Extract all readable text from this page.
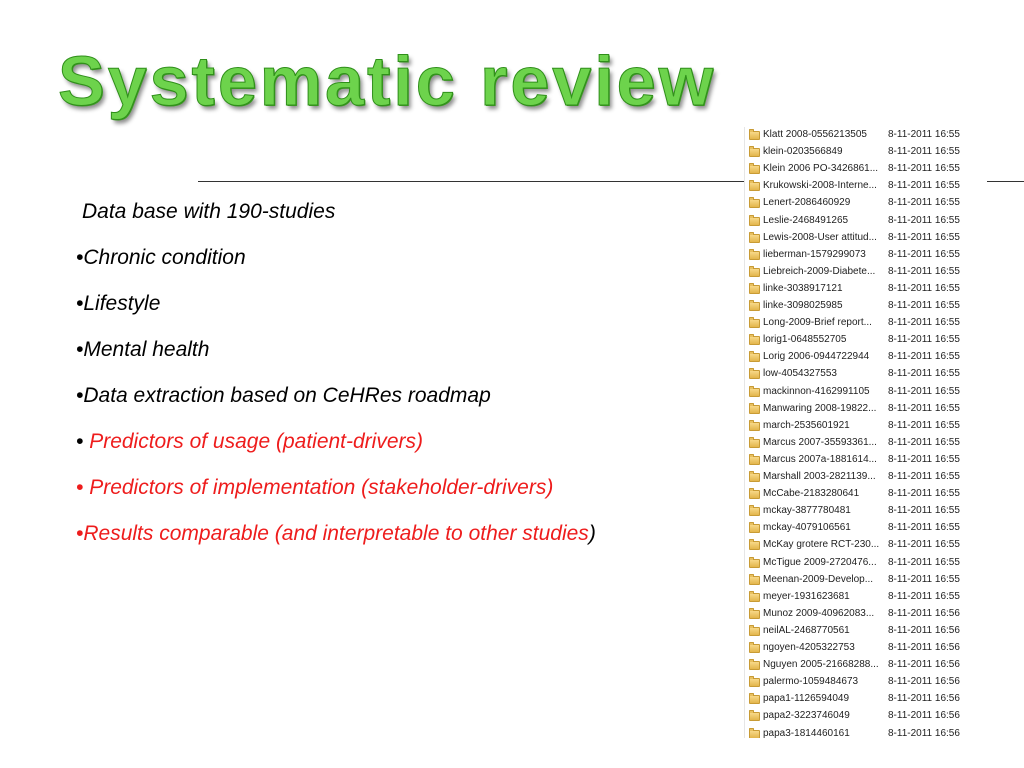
Systematic review
Data base with 190-studies
•Chronic condition
•Lifestyle
•Mental health
•Data extraction based on CeHRes roadmap
• Predictors of usage (patient-drivers)
• Predictors of implementation (stakeholder-drivers)
•Results comparable (and interpretable to other studies)
Klatt 2008-0556213505	8-11-2011 16:55
klein-0203566849	8-11-2011 16:55
Klein 2006 PO-3426861... 8-11-2011 16:55
Krukowski-2008-Interne...	8-11-2011 16:55
Lenert-2086460929	8-11-2011 16:55
Leslie-2468491265	8-11-2011 16:55
Lewis-2008-User attitud...	8-11-2011 16:55
lieberman-1579299073	8-11-2011 16:55
Liebreich-2009-Diabete...	8-11-2011 16:55
linke-3038917121	8-11-2011 16:55
linke-3098025985	8-11-2011 16:55
Long-2009-Brief report...	8-11-2011 16:55
lorig1-0648552705	8-11-2011 16:55
Lorig 2006-0944722944	8-11-2011 16:55
low-4054327553	8-11-2011 16:55
mackinnon-4162991105	8-11-2011 16:55
Manwaring 2008-19822...	8-11-2011 16:55
march-2535601921	8-11-2011 16:55
Marcus 2007-35593361...	8-11-2011 16:55
Marcus 2007a-1881614...	8-11-2011 16:55
Marshall 2003-2821139...	8-11-2011 16:55
McCabe-2183280641	8-11-2011 16:55
mckay-3877780481	8-11-2011 16:55
mckay-4079106561	8-11-2011 16:55
McKay grotere RCT-230... 8-11-2011 16:55
McTigue 2009-2720476...	8-11-2011 16:55
Meenan-2009-Develop...	8-11-2011 16:55
meyer-1931623681	8-11-2011 16:55
Munoz 2009-40962083...	8-11-2011 16:56
neilAL-2468770561	8-11-2011 16:56
ngoyen-4205322753	8-11-2011 16:56
Nguyen 2005-21668288... 8-11-2011 16:56
palermo-1059484673	8-11-2011 16:56
papa1-1126594049	8-11-2011 16:56
papa2-3223746049	8-11-2011 16:56
papa3-1814460161	8-11-2011 16:56
